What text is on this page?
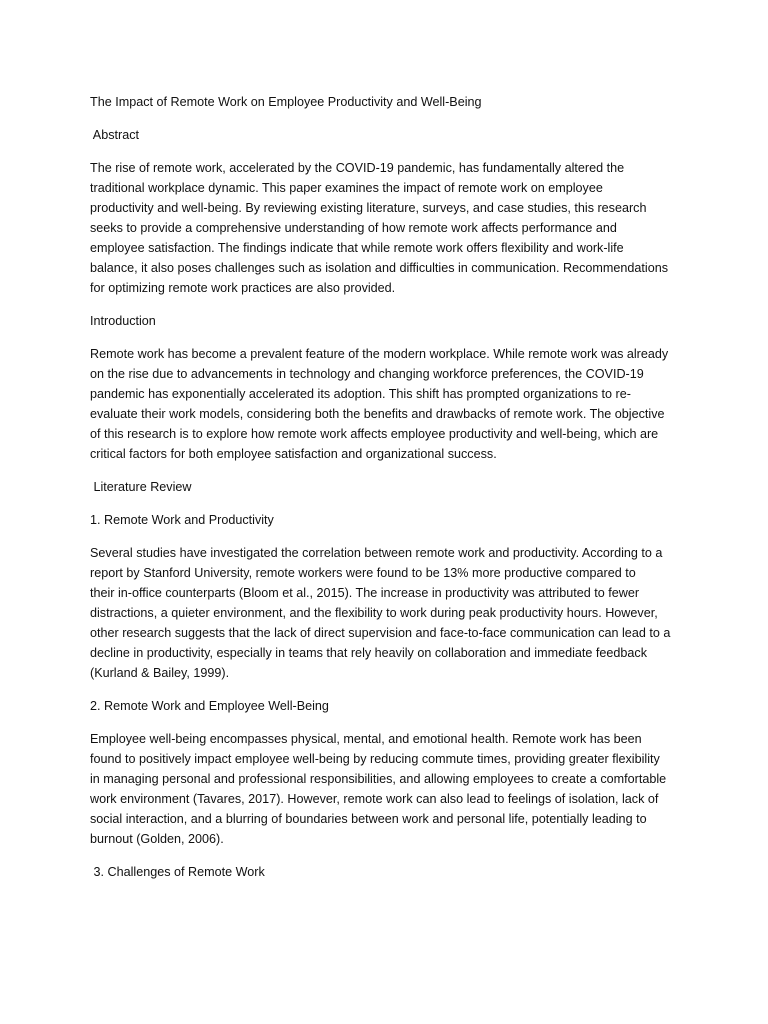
The Impact of Remote Work on Employee Productivity and Well-Being

Abstract

The rise of remote work, accelerated by the COVID-19 pandemic, has fundamentally altered the
traditional workplace dynamic. This paper examines the impact of remote work on employee
productivity and well-being. By reviewing existing literature, surveys, and case studies, this research
seeks to provide a comprehensive understanding of how remote work affects performance and
employee satisfaction. The findings indicate that while remote work offers flexibility and work-life
balance, it also poses challenges such as isolation and difficulties in communication. Recommendations
for optimizing remote work practices are also provided.

Introduction

Remote work has become a prevalent feature of the modern workplace. While remote work was already
on the rise due to advancements in technology and changing workforce preferences, the COVID-19
pandemic has exponentially accelerated its adoption. This shift has prompted organizations to re-
evaluate their work models, considering both the benefits and drawbacks of remote work. The objective
of this research is to explore how remote work affects employee productivity and well-being, which are
critical factors for both employee satisfaction and organizational success.

Literature Review

1. Remote Work and Productivity

Several studies have investigated the correlation between remote work and productivity. According to a
report by Stanford University, remote workers were found to be 13% more productive compared to
their in-office counterparts (Bloom et al., 2015). The increase in productivity was attributed to fewer
distractions, a quieter environment, and the flexibility to work during peak productivity hours. However,
other research suggests that the lack of direct supervision and face-to-face communication can lead to a
decline in productivity, especially in teams that rely heavily on collaboration and immediate feedback
(Kurland & Bailey, 1999).

2. Remote Work and Employee Well-Being

Employee well-being encompasses physical, mental, and emotional health. Remote work has been
found to positively impact employee well-being by reducing commute times, providing greater flexibility
in managing personal and professional responsibilities, and allowing employees to create a comfortable
work environment (Tavares, 2017). However, remote work can also lead to feelings of isolation, lack of
social interaction, and a blurring of boundaries between work and personal life, potentially leading to
burnout (Golden, 2006).

3. Challenges of Remote Work
